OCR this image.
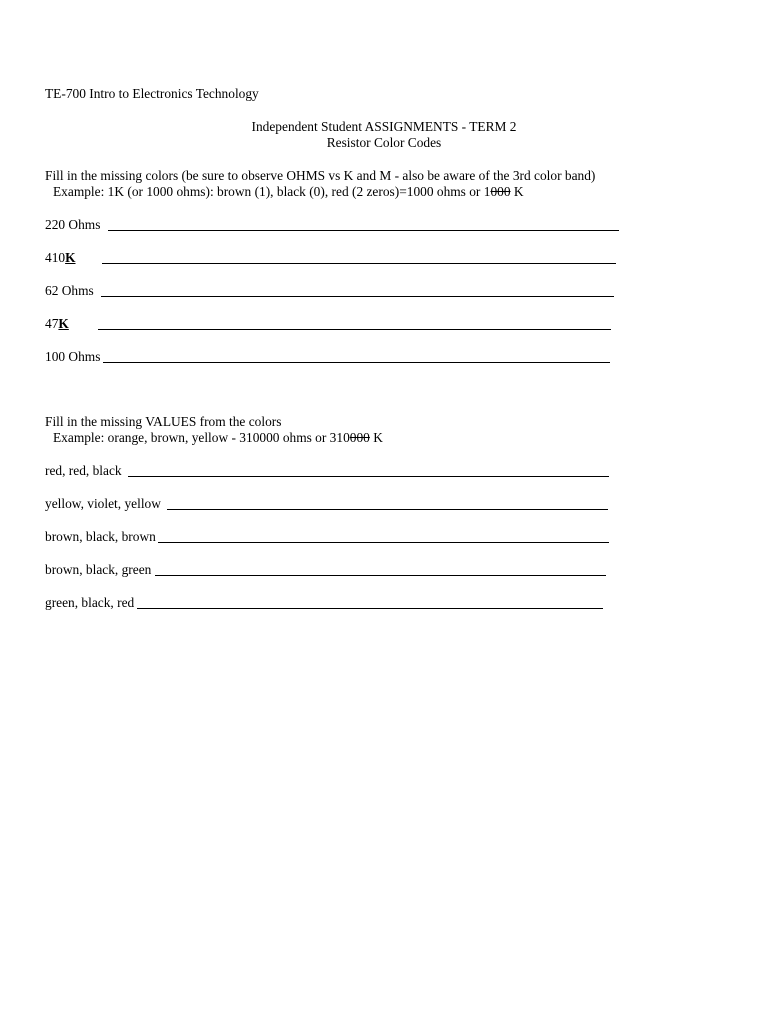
TE-700 Intro to Electronics Technology
Independent Student ASSIGNMENTS - TERM 2
Resistor Color Codes
Fill in the missing colors (be sure to observe OHMS vs K and M - also be aware of the 3rd color band)
Example: 1K (or 1000 ohms): brown (1), black (0), red (2 zeros)=1000 ohms or 1000 K
220 Ohms
410 K
62 Ohms
47 K
100 Ohms
Fill in the missing VALUES from the colors
Example: orange, brown, yellow - 310000 ohms or 310000 K
red, red, black
yellow, violet, yellow
brown, black, brown
brown, black, green
green, black, red
